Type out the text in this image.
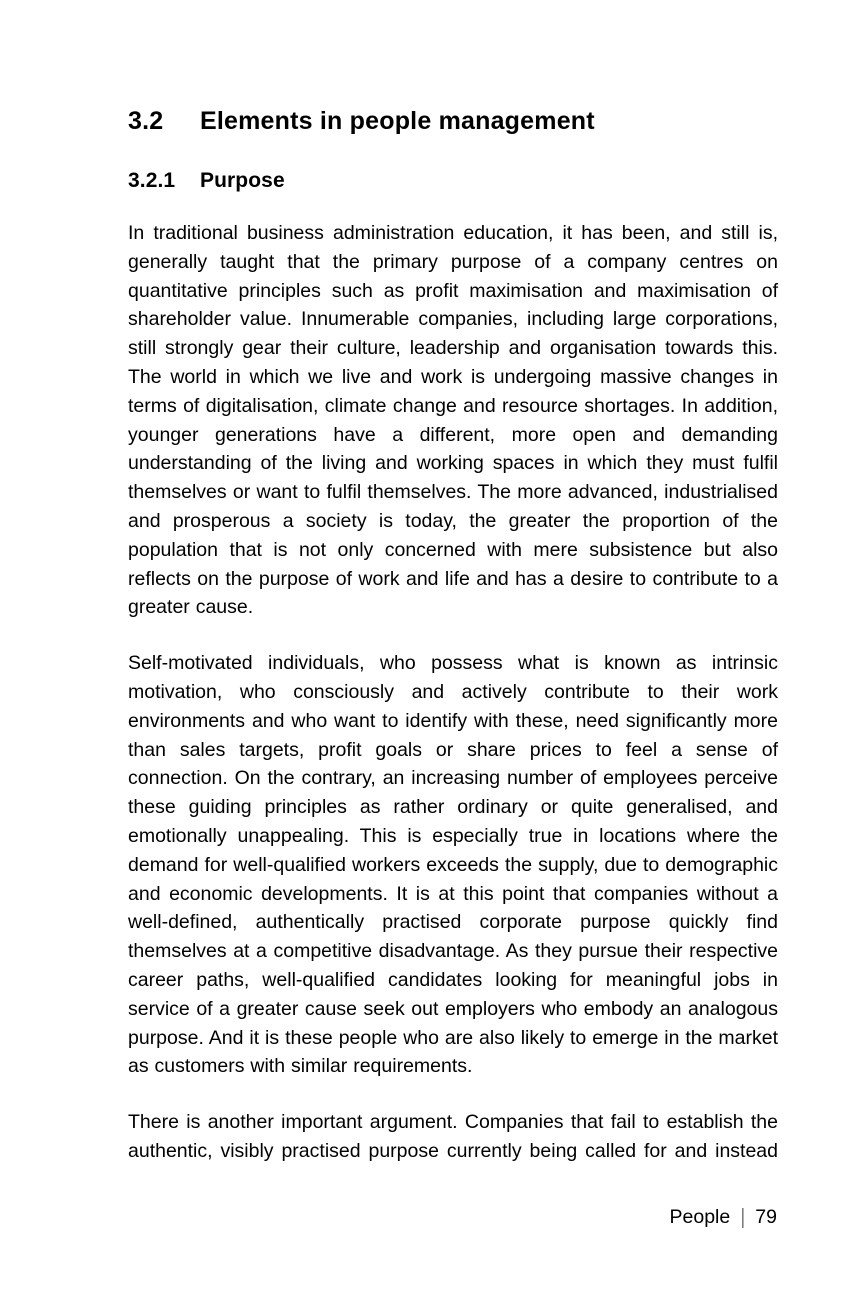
3.2	Elements in people management
3.2.1	Purpose

In traditional business administration education, it has been, and still is, generally taught that the primary purpose of a company centres on quantitative principles such as profit maximisation and maximisation of shareholder value. Innumerable companies, including large corporations, still strongly gear their culture, leadership and organisation towards this. The world in which we live and work is undergoing massive changes in terms of digitalisation, climate change and resource shortages. In addition, younger generations have a different, more open and demanding understanding of the living and working spaces in which they must fulfil themselves or want to fulfil themselves. The more advanced, industrialised and prosperous a society is today, the greater the proportion of the population that is not only concerned with mere subsistence but also reflects on the purpose of work and life and has a desire to contribute to a greater cause.

Self-motivated individuals, who possess what is known as intrinsic motivation, who consciously and actively contribute to their work environments and who want to identify with these, need significantly more than sales targets, profit goals or share prices to feel a sense of connection. On the contrary, an increasing number of employees perceive these guiding principles as rather ordinary or quite generalised, and emotionally unappealing. This is especially true in locations where the demand for well-qualified workers exceeds the supply, due to demographic and economic developments. It is at this point that companies without a well-defined, authentically practised corporate purpose quickly find themselves at a competitive disadvantage. As they pursue their respective career paths, well-qualified candidates looking for meaningful jobs in service of a greater cause seek out employers who embody an analogous purpose. And it is these people who are also likely to emerge in the market as customers with similar requirements.

There is another important argument. Companies that fail to establish the authentic, visibly practised purpose currently being called for and instead

People | 79
